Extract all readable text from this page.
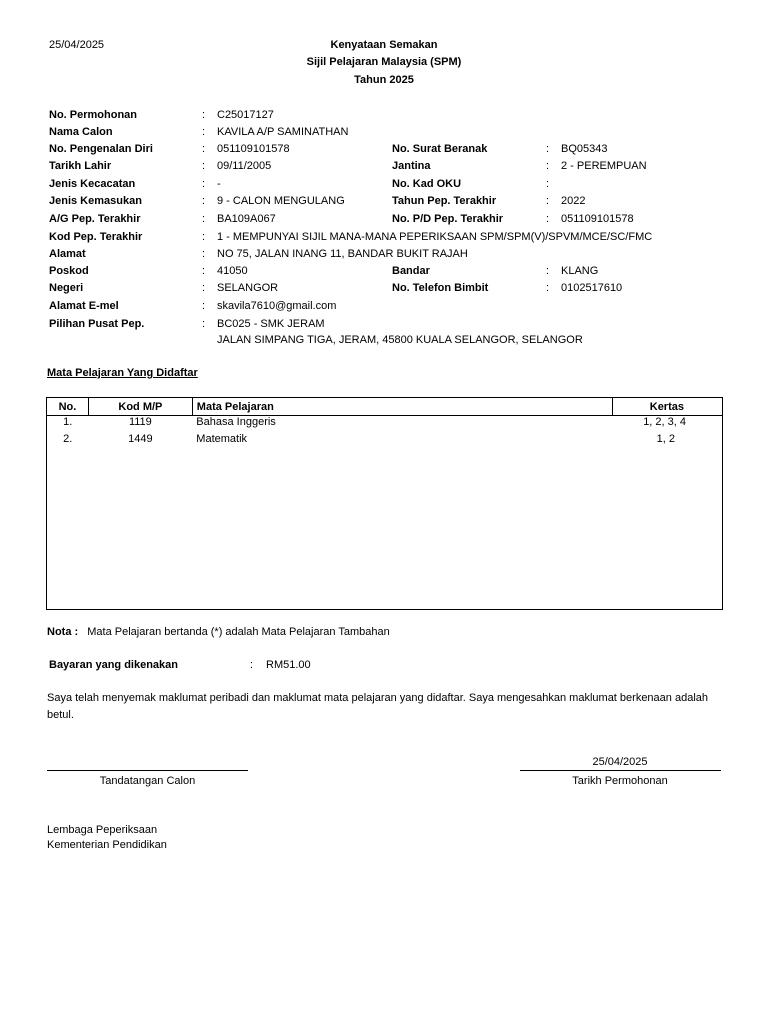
25/04/2025	Kenyataan Semakan
Sijil Pelajaran Malaysia (SPM)
Tahun 2025
No. Permohonan	: C25017127
Nama Calon	: KAVILA A/P SAMINATHAN
No. Pengenalan Diri	: 051109101578	No. Surat Beranak	: BQ05343
Tarikh Lahir	: 09/11/2005	Jantina	: 2 - PEREMPUAN
Jenis Kecacatan	: -	No. Kad OKU	:
Jenis Kemasukan	: 9 - CALON MENGULANG	Tahun Pep. Terakhir	: 2022
A/G Pep. Terakhir	: BA109A067	No. P/D Pep. Terakhir	: 051109101578
Kod Pep. Terakhir	: 1 - MEMPUNYAI SIJIL MANA-MANA PEPERIKSAAN SPM/SPM(V)/SPVM/MCE/SC/FMC
Alamat	: NO 75, JALAN INANG 11, BANDAR BUKIT RAJAH
Poskod	: 41050	Bandar	: KLANG
Negeri	: SELANGOR	No. Telefon Bimbit	: 0102517610
Alamat E-mel	: skavila7610@gmail.com
Pilihan Pusat Pep.	: BC025 - SMK JERAM
JALAN SIMPANG TIGA, JERAM, 45800 KUALA SELANGOR, SELANGOR
Mata Pelajaran Yang Didaftar
No.	Kod M/P	Mata Pelajaran	Kertas
1.	1119	Bahasa Inggeris	1, 2, 3, 4
2.	1449	Matematik	1, 2

Nota : Mata Pelajaran bertanda (*) adalah Mata Pelajaran Tambahan
Bayaran yang dikenakan	: RM51.00
Saya telah menyemak maklumat peribadi dan maklumat mata pelajaran yang didaftar. Saya mengesahkan maklumat berkenaan adalah
betul.
25/04/2025
Tandatangan Calon	Tarikh Permohonan
Lembaga Peperiksaan
Kementerian Pendidikan
